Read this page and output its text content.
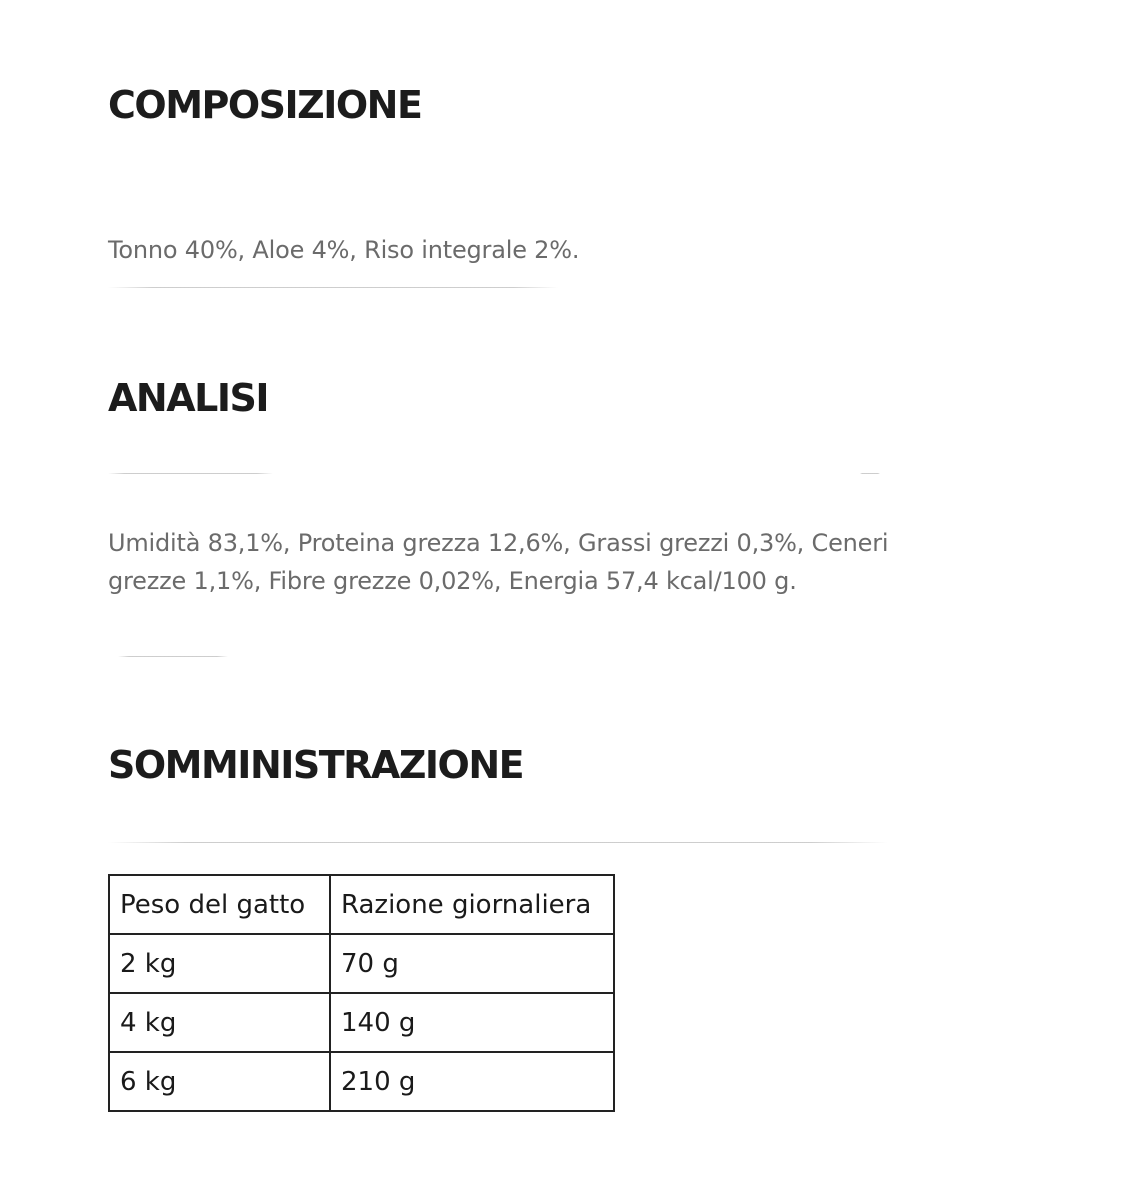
COMPOSIZIONE

Tonno 40%, Aloe 4%, Riso integrale 2%.

ANALISI

Umidità 83,1%, Proteina grezza 12,6%, Grassi grezzi 0,3%, Ceneri grezze 1,1%, Fibre grezze 0,02%, Energia 57,4 kcal/100 g.

SOMMINISTRAZIONE
Peso del gatto	Razione giornaliera
2 kg	70 g
4 kg	140 g
6 kg	210 g
